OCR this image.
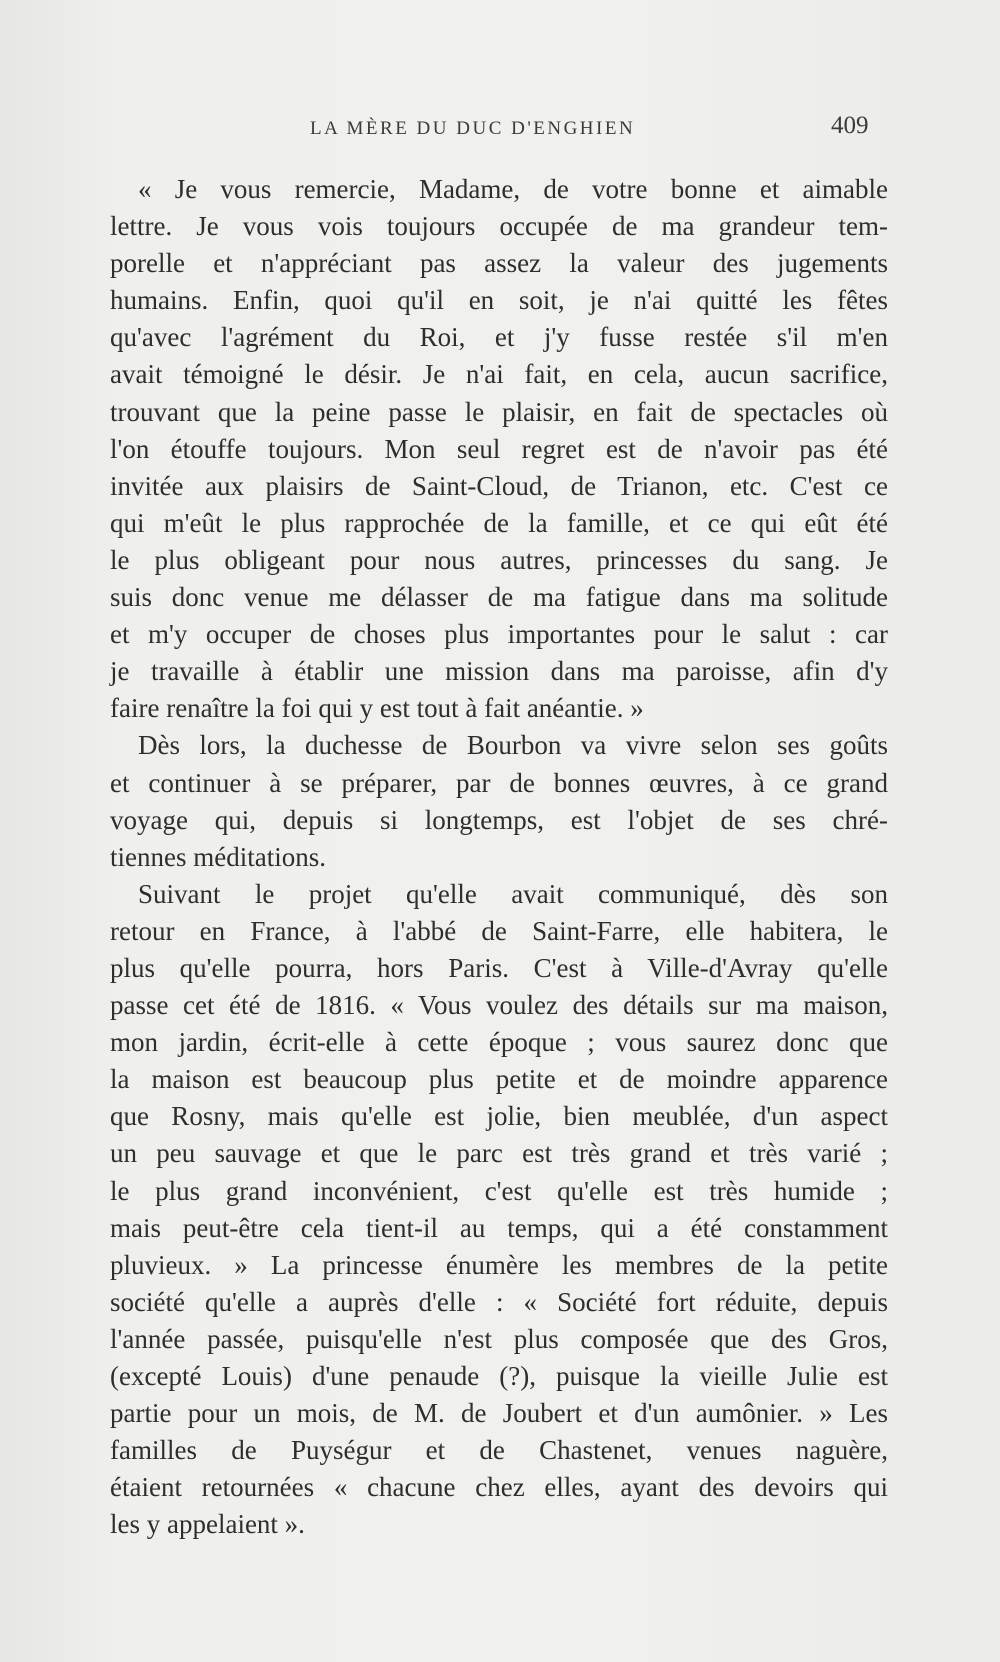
LA MÈRE DU DUC D'ENGHIEN	409
« Je vous remercie, Madame, de votre bonne et aimable
lettre. Je vous vois toujours occupée de ma grandeur tem-
porelle et n'appréciant pas assez la valeur des jugements
humains. Enfin, quoi qu'il en soit, je n'ai quitté les fêtes
qu'avec l'agrément du Roi, et j'y fusse restée s'il m'en
avait témoigné le désir. Je n'ai fait, en cela, aucun sacrifice,
trouvant que la peine passe le plaisir, en fait de spectacles où
l'on étouffe toujours. Mon seul regret est de n'avoir pas été
invitée aux plaisirs de Saint-Cloud, de Trianon, etc. C'est ce
qui m'eût le plus rapprochée de la famille, et ce qui eût été
le plus obligeant pour nous autres, princesses du sang. Je
suis donc venue me délasser de ma fatigue dans ma solitude
et m'y occuper de choses plus importantes pour le salut : car
je travaille à établir une mission dans ma paroisse, afin d'y
faire renaître la foi qui y est tout à fait anéantie. »
Dès lors, la duchesse de Bourbon va vivre selon ses goûts
et continuer à se préparer, par de bonnes œuvres, à ce grand
voyage qui, depuis si longtemps, est l'objet de ses chré-
tiennes méditations.
Suivant le projet qu'elle avait communiqué, dès son
retour en France, à l'abbé de Saint-Farre, elle habitera, le
plus qu'elle pourra, hors Paris. C'est à Ville-d'Avray qu'elle
passe cet été de 1816. « Vous voulez des détails sur ma maison,
mon jardin, écrit-elle à cette époque ; vous saurez donc que
la maison est beaucoup plus petite et de moindre apparence
que Rosny, mais qu'elle est jolie, bien meublée, d'un aspect
un peu sauvage et que le parc est très grand et très varié ;
le plus grand inconvénient, c'est qu'elle est très humide ;
mais peut-être cela tient-il au temps, qui a été constamment
pluvieux. » La princesse énumère les membres de la petite
société qu'elle a auprès d'elle : « Société fort réduite, depuis
l'année passée, puisqu'elle n'est plus composée que des Gros,
(excepté Louis) d'une penaude (?), puisque la vieille Julie est
partie pour un mois, de M. de Joubert et d'un aumônier. » Les
familles de Puységur et de Chastenet, venues naguère,
étaient retournées « chacune chez elles, ayant des devoirs qui
les y appelaient ».
